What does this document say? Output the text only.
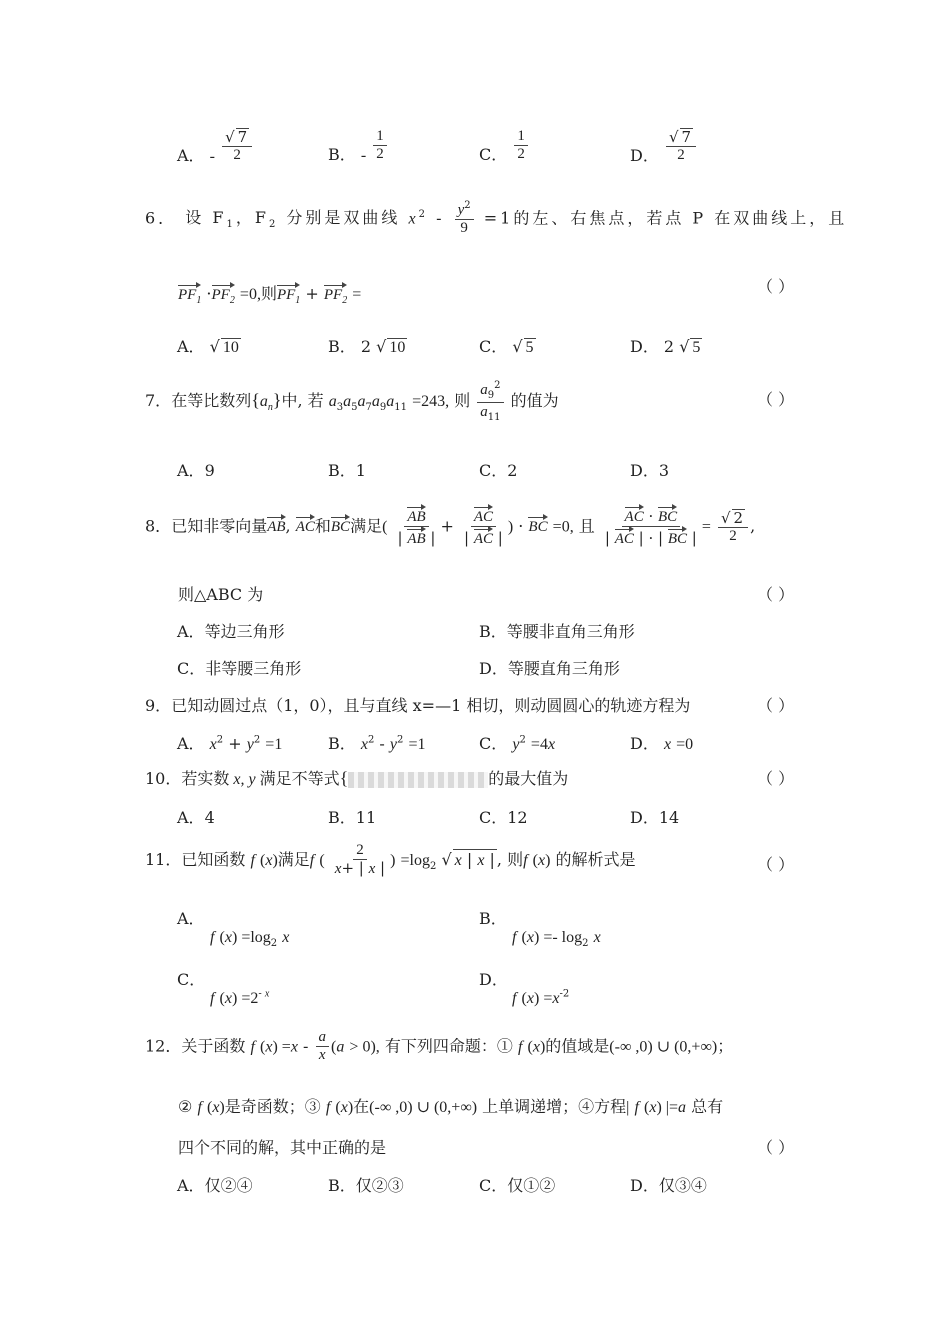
A． - $\frac{√ 7}{2}$	B． - $\frac{1}{2}$	C． $\frac{1}{2}$	D． $\frac{√ 7}{2}$
6． 设 $F_1$，$F_2$ 分别是双曲线 $x^2 - \frac{y^2}{9} =1$的左、右焦点，若点 P 在双曲线上，且
$PF_1 \cdot PF_2 =0$,则$PF_1 + PF_2$ =	（ ）
A． √ 10	B． 2 √ 10	C． √ 5	D． 2 √ 5
7．在等比数列$\{a_n\}$中, 若 $a_3a_5a_7a_9a_{11} =243$, 则 $\frac{a_9^2}{a_{11}}$ 的值为	（ ）
A．9	B．1	C．2	D．3
8．已知非零向量AB, AC和BC满足( $\frac{AB}{| AB |} + \frac{AC}{| AC |}$ ) · BC =0, 且 $\frac{AC \cdot BC}{| AC | \cdot | BC |} = \frac{√ 2}{2}$ ,
则△ABC 为	（ ）
A．等边三角形	B．等腰非直角三角形
C．非等腰三角形	D．等腰直角三角形
9．已知动圆过点（1，0），且与直线 x=—1 相切，则动圆圆心的轨迹方程为	（ ）
A． $x^2 + y^2 =1$	B． $x^2 - y^2 =1$	C． $y^2 =4x$	D． x =0
10．若实数 x, y 满足不等式{	的最大值为	（ ）
A．4	B．11	C．12	D．14
11．已知函数 f (x)满足f ( $\frac{2}{x+ | x |}$ ) $=\log_2$ √ x | x | , 则f (x) 的解析式是	（ ）
A．
f $(x) =\log_2$ x
B．
f $(x) =- \log_2 x$
C．
f $(x) =2^{- x}$
D．
f $(x) =x^{-2}$
12．关于函数 f $(x) =x - \frac{a}{x} (a > 0)$, 有下列四命题：① f (x)的值域是(-∞ ,0) ∪ (0,+∞)；
② f (x)是奇函数；③ f (x)在(-∞ ,0) ∪ (0,+∞) 上单调递增；④方程| f (x) |=a 总有
四个不同的解，其中正确的是	（ ）
A．仅②④	B．仅②③	C．仅①②	D．仅③④
